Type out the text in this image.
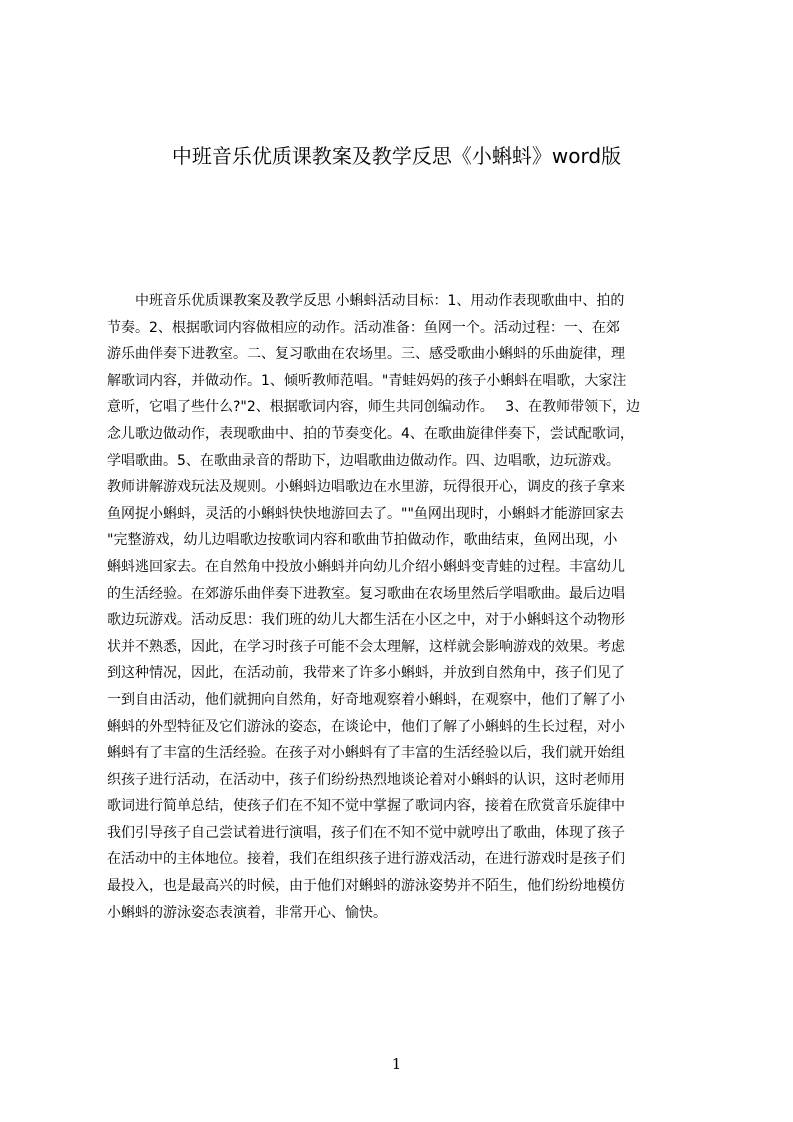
中班音乐优质课教案及教学反思《小蝌蚪》word版
　　中班音乐优质课教案及教学反思 小蝌蚪活动目标：1、用动作表现歌曲中、拍的
节奏。2、根据歌词内容做相应的动作。活动准备：鱼网一个。活动过程：一、在郊
游乐曲伴奏下进教室。二、复习歌曲在农场里。三、感受歌曲小蝌蚪的乐曲旋律，理
解歌词内容，并做动作。1、倾听教师范唱。"青蛙妈妈的孩子小蝌蚪在唱歌，大家注
意听，它唱了些什么?"2、根据歌词内容，师生共同创编动作。　 3、在教师带领下，边
念儿歌边做动作，表现歌曲中、拍的节奏变化。4、在歌曲旋律伴奏下，尝试配歌词，
学唱歌曲。5、在歌曲录音的帮助下，边唱歌曲边做动作。四、边唱歌，边玩游戏。
教师讲解游戏玩法及规则。小蝌蚪边唱歌边在水里游，玩得很开心，调皮的孩子拿来
鱼网捉小蝌蚪，灵活的小蝌蚪快快地游回去了。""鱼网出现时，小蝌蚪才能游回家去
"完整游戏，幼儿边唱歌边按歌词内容和歌曲节拍做动作，歌曲结束，鱼网出现，小
蝌蚪逃回家去。在自然角中投放小蝌蚪并向幼儿介绍小蝌蚪变青蛙的过程。丰富幼儿
的生活经验。在郊游乐曲伴奏下进教室。复习歌曲在农场里然后学唱歌曲。最后边唱
歌边玩游戏。活动反思：我们班的幼儿大都生活在小区之中，对于小蝌蚪这个动物形
状并不熟悉，因此，在学习时孩子可能不会太理解，这样就会影响游戏的效果。考虑
到这种情况，因此，在活动前，我带来了许多小蝌蚪，并放到自然角中，孩子们见了
一到自由活动，他们就拥向自然角，好奇地观察着小蝌蚪，在观察中，他们了解了小
蝌蚪的外型特征及它们游泳的姿态，在谈论中，他们了解了小蝌蚪的生长过程，对小
蝌蚪有了丰富的生活经验。在孩子对小蝌蚪有了丰富的生活经验以后，我们就开始组
织孩子进行活动，在活动中，孩子们纷纷热烈地谈论着对小蝌蚪的认识，这时老师用
歌词进行简单总结，使孩子们在不知不觉中掌握了歌词内容，接着在欣赏音乐旋律中
我们引导孩子自己尝试着进行演唱，孩子们在不知不觉中就哼出了歌曲，体现了孩子
在活动中的主体地位。接着，我们在组织孩子进行游戏活动，在进行游戏时是孩子们
最投入，也是最高兴的时候，由于他们对蝌蚪的游泳姿势并不陌生，他们纷纷地模仿
小蝌蚪的游泳姿态表演着，非常开心、愉快。
1
